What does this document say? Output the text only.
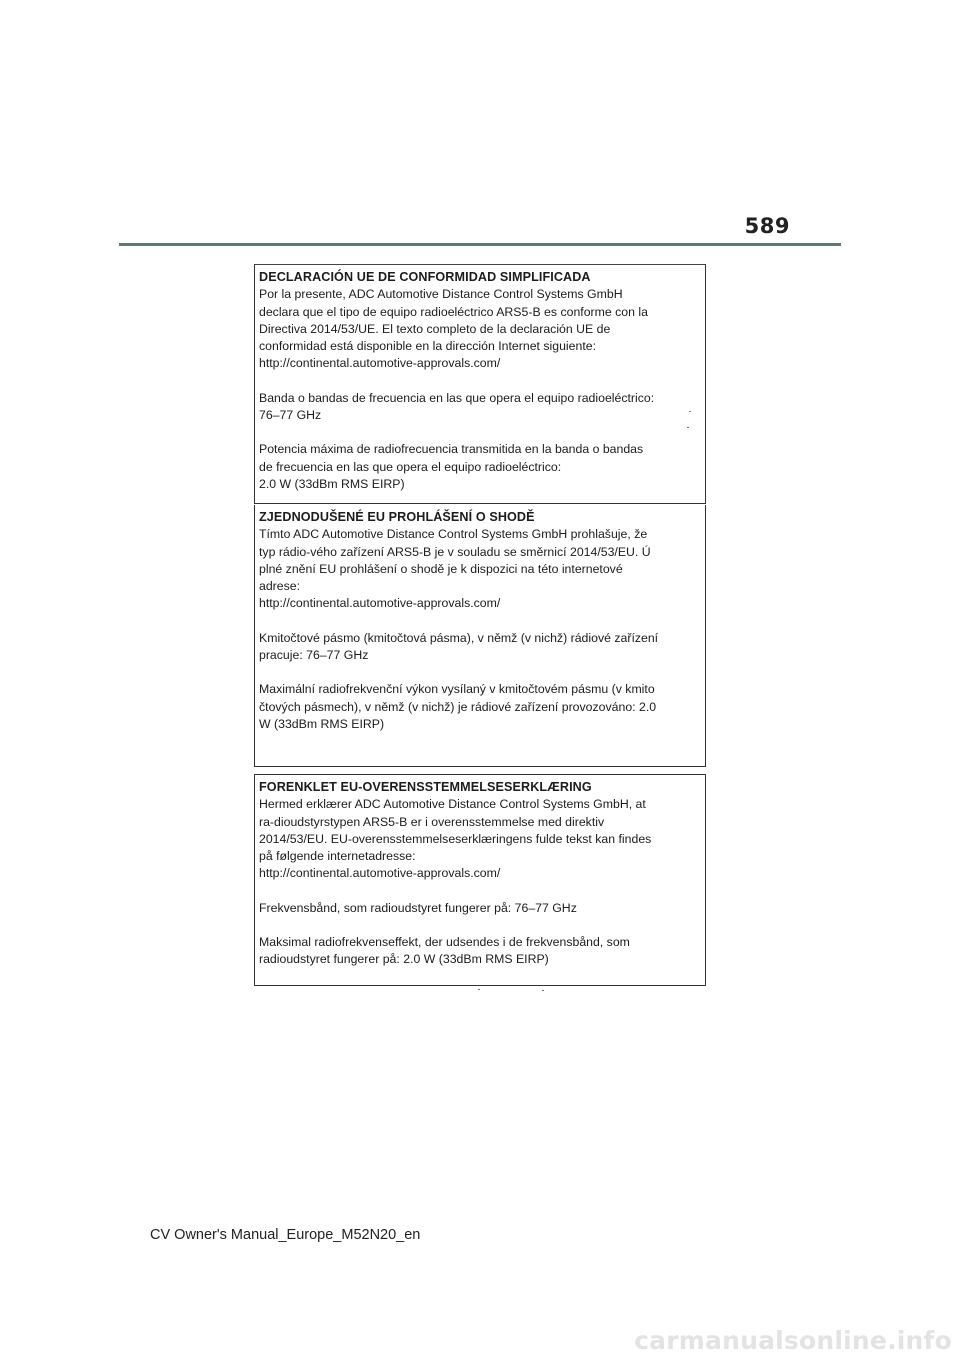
589

DECLARACIÓN UE DE CONFORMIDAD SIMPLIFICADA

Por la presente, ADC Automotive Distance Control Systems GmbH

declara que el tipo de equipo radioeléctrico ARS5-B es conforme con la

Directiva 2014/53/UE. El texto completo de la declaración UE de

conformidad está disponible en la dirección Internet siguiente:

http://continental.automotive-approvals.com/

Banda o bandas de frecuencia en las que opera el equipo radioeléctrico:

76–77 GHz

Potencia máxima de radiofrecuencia transmitida en la banda o bandas

de frecuencia en las que opera el equipo radioeléctrico:

2.0 W (33dBm RMS EIRP)

ZJEDNODUŠENÉ EU PROHLÁŠENÍ O SHODĚ

Tímto ADC Automotive Distance Control Systems GmbH prohlašuje, že

typ rádio-vého zařízení ARS5-B je v souladu se směrnicí 2014/53/EU. Ú

plné znění EU prohlášení o shodě je k dispozici na této internetové

adrese:

http://continental.automotive-approvals.com/

Kmitočtové pásmo (kmitočtová pásma), v němž (v nichž) rádiové zařízení

pracuje: 76–77 GHz

Maximální radiofrekvenční výkon vysílaný v kmitočtovém pásmu (v kmito

čtových pásmech), v němž (v nichž) je rádiové zařízení provozováno: 2.0

W (33dBm RMS EIRP)

FORENKLET EU-OVERENSSTEMMELSESERKLÆRING

Hermed erklærer ADC Automotive Distance Control Systems GmbH, at

ra-dioudstyrstypen ARS5-B er i overensstemmelse med direktiv

2014/53/EU. EU-overensstemmelseserklæringens fulde tekst kan findes

på følgende internetadresse:

http://continental.automotive-approvals.com/

Frekvensbånd, som radioudstyret fungerer på: 76–77 GHz

Maksimal radiofrekvenseffekt, der udsendes i de frekvensbånd, som

radioudstyret fungerer på: 2.0 W (33dBm RMS EIRP)

CV Owner's Manual_Europe_M52N20_en
carmanualsonline.info
